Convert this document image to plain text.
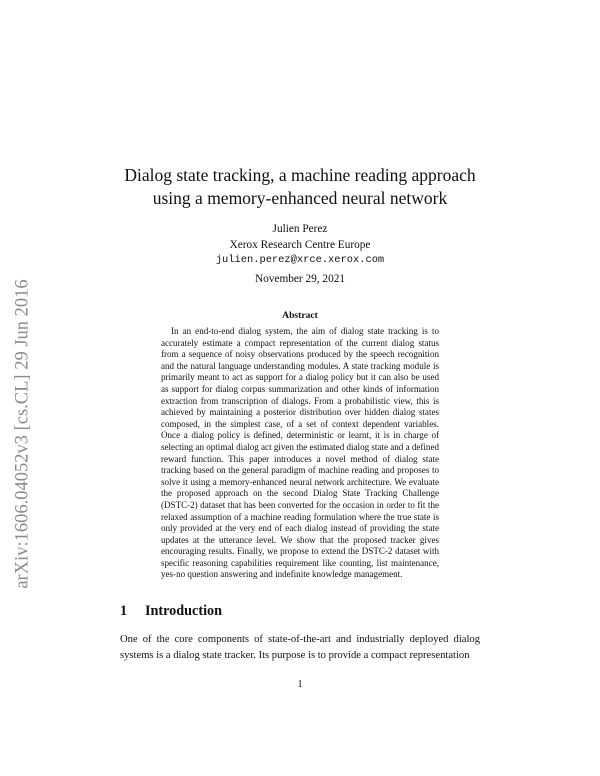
arXiv:1606.04052v3 [cs.CL] 29 Jun 2016
Dialog state tracking, a machine reading approach
using a memory-enhanced neural network
Julien Perez
Xerox Research Centre Europe
julien.perez@xrce.xerox.com
November 29, 2021
Abstract

In an end-to-end dialog system, the aim of dialog state tracking is to accurately estimate a compact representation of the current dialog status from a sequence of noisy observations produced by the speech recognition and the natural language understanding modules. A state tracking module is primarily meant to act as support for a dialog policy but it can also be used as support for dialog corpus summarization and other kinds of information extraction from transcription of dialogs. From a probabilistic view, this is achieved by maintaining a posterior distribution over hidden dialog states composed, in the simplest case, of a set of context dependent variables. Once a dialog policy is defined, deterministic or learnt, it is in charge of selecting an optimal dialog act given the estimated dialog state and a defined reward function. This paper introduces a novel method of dialog state tracking based on the general paradigm of machine reading and proposes to solve it using a memory-enhanced neural network architecture. We evaluate the proposed approach on the second Dialog State Tracking Challenge (DSTC-2) dataset that has been converted for the occasion in order to fit the relaxed assumption of a machine reading formulation where the true state is only provided at the very end of each dialog instead of providing the state updates at the utterance level. We show that the proposed tracker gives encouraging results. Finally, we propose to extend the DSTC-2 dataset with specific reasoning capabilities requirement like counting, list maintenance, yes-no question answering and indefinite knowledge management.

1 Introduction

One of the core components of state-of-the-art and industrially deployed dialog systems is a dialog state tracker. Its purpose is to provide a compact representation

1
